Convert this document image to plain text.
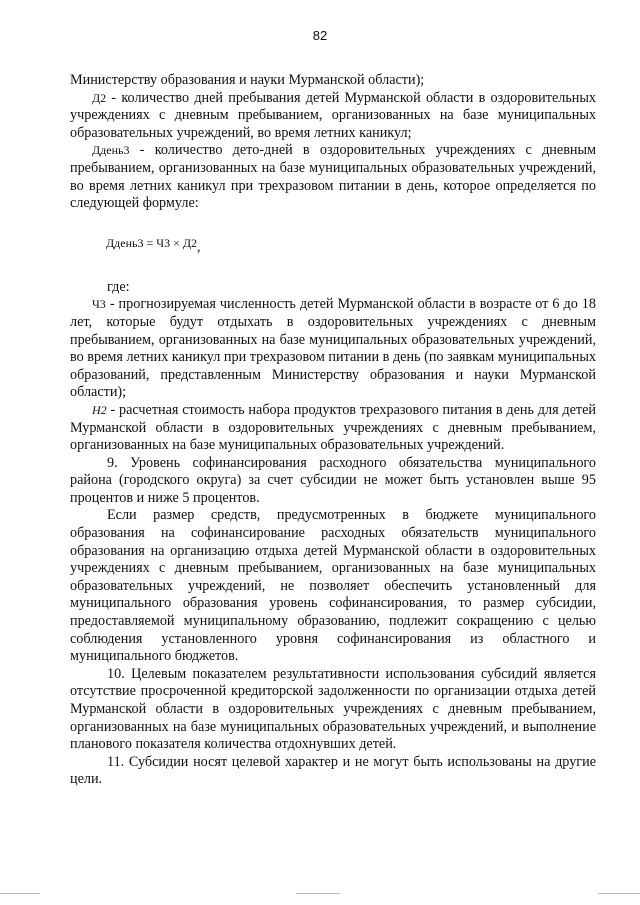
82

Министерству образования и науки Мурманской области);

Д2 - количество дней пребывания детей Мурманской области в оздоровительных учреждениях с дневным пребыванием, организованных на базе муниципальных образовательных учреждений, во время летних каникул;

Ддень3 - количество дето-дней в оздоровительных учреждениях с дневным пребыванием, организованных на базе муниципальных образовательных учреждений, во время летних каникул при трехразовом питании в день, которое определяется по следующей формуле:

Ддень3 = Ч3 × Д2,

где:

Ч3 - прогнозируемая численность детей Мурманской области в возрасте от 6 до 18 лет, которые будут отдыхать в оздоровительных учреждениях с дневным пребыванием, организованных на базе муниципальных образовательных учреждений, во время летних каникул при трехразовом питании в день (по заявкам муниципальных образований, представленным Министерству образования и науки Мурманской области);

Н2 - расчетная стоимость набора продуктов трехразового питания в день для детей Мурманской области в оздоровительных учреждениях с дневным пребыванием, организованных на базе муниципальных образовательных учреждений.

9. Уровень софинансирования расходного обязательства муниципального района (городского округа) за счет субсидии не может быть установлен выше 95 процентов и ниже 5 процентов.

Если размер средств, предусмотренных в бюджете муниципального образования на софинансирование расходных обязательств муниципального образования на организацию отдыха детей Мурманской области в оздоровительных учреждениях с дневным пребыванием, организованных на базе муниципальных образовательных учреждений, не позволяет обеспечить установленный для муниципального образования уровень софинансирования, то размер субсидии, предоставляемой муниципальному образованию, подлежит сокращению с целью соблюдения установленного уровня софинансирования из областного и муниципального бюджетов.

10. Целевым показателем результативности использования субсидий является отсутствие просроченной кредиторской задолженности по организации отдыха детей Мурманской области в оздоровительных учреждениях с дневным пребыванием, организованных на базе муниципальных образовательных учреждений, и выполнение планового показателя количества отдохнувших детей.

11. Субсидии носят целевой характер и не могут быть использованы на другие цели.
